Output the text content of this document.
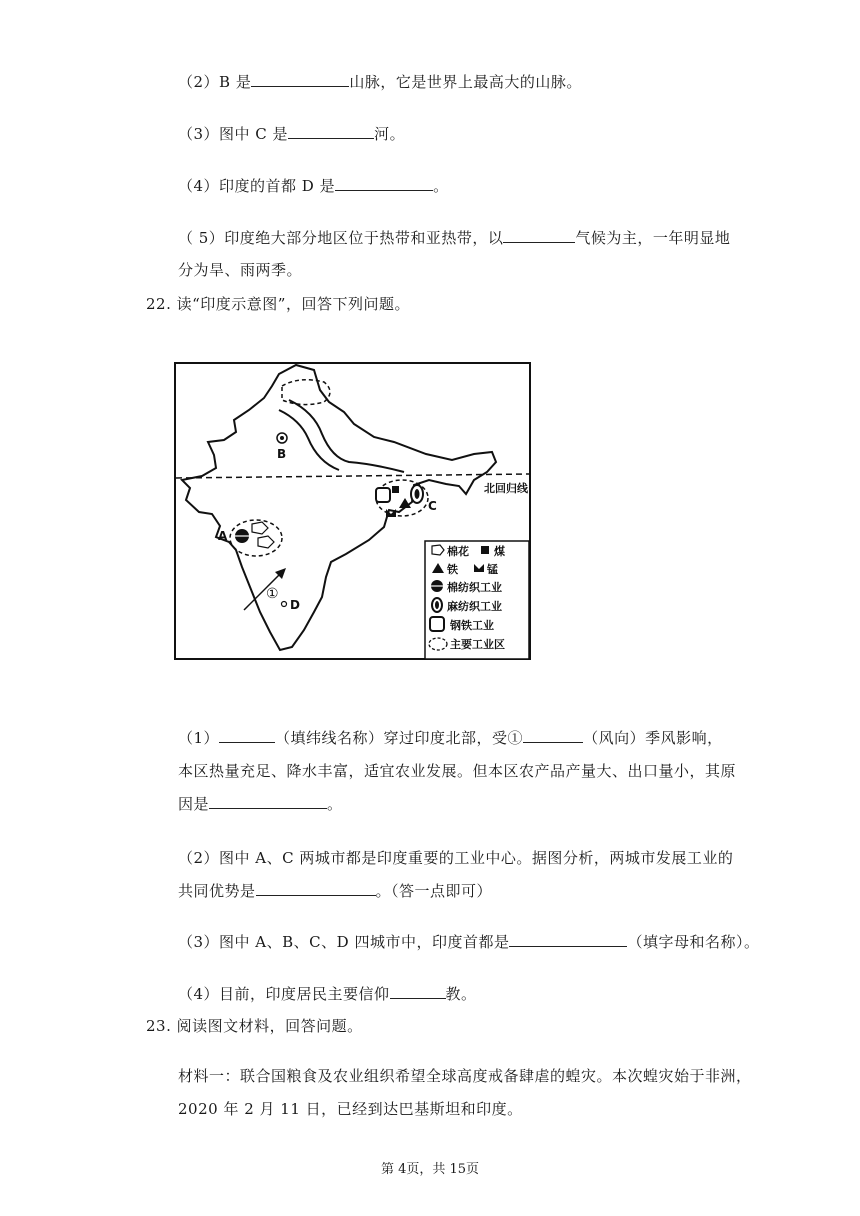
（2）B 是	山脉，它是世界上最高大的山脉。
（3）图中 C 是	河。
（4）印度的首都 D 是	。
（ 5）印度绝大部分地区位于热带和亚热带，以	气候为主，一年明显地
分为旱、雨两季。
22. 读“印度示意图”，回答下列问题。
北回归线
C
A
B
D
①
棉花 煤
铁	锰
棉纺织工业
麻纺织工业
钢铁工业
主要工业区
（1）	（填纬线名称）穿过印度北部，受①	（风向）季风影响，
本区热量充足、降水丰富，适宜农业发展。但本区农产品产量大、出口量小，其原
因是	。
（2）图中 A、C 两城市都是印度重要的工业中心。据图分析，两城市发展工业的
共同优势是	。（答一点即可）
（3）图中 A、B、C、D 四城市中，印度首都是	（填字母和名称）。
（4）目前，印度居民主要信仰	教。
23. 阅读图文材料，回答问题。
材料一：联合国粮食及农业组织希望全球高度戒备肆虐的蝗灾。本次蝗灾始于非洲，
2020 年 2 月 11 日，已经到达巴基斯坦和印度。
第 4页，共 15页
